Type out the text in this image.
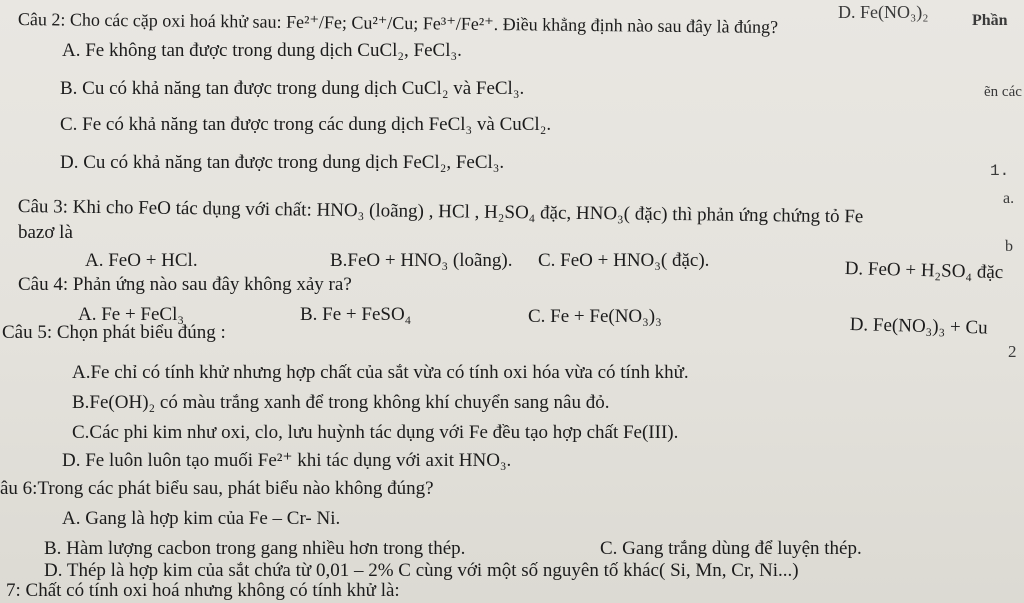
D. Fe(NO₃)₂	Phần
ẽn các
1.
a.
b
2
Câu 2: Cho các cặp oxi hoá khử sau: Fe²⁺/Fe; Cu²⁺/Cu; Fe³⁺/Fe²⁺. Điều khẳng định nào sau đây là đúng?
A. Fe không tan được trong dung dịch CuCl₂, FeCl₃.
B. Cu có khả năng tan được trong dung dịch CuCl₂ và FeCl₃.
C. Fe có khả năng tan được trong các dung dịch FeCl₃ và CuCl₂.
D. Cu có khả năng tan được trong dung dịch FeCl₂, FeCl₃.
Câu 3: Khi cho FeO tác dụng với chất: HNO₃ (loãng) , HCl , H₂SO₄ đặc, HNO₃( đặc) thì phản ứng chứng tỏ Fe
bazơ là
A. FeO + HCl.	B.FeO + HNO₃ (loãng). C. FeO + HNO₃( đặc).	D. FeO + H₂SO₄ đặc
Câu 4: Phản ứng nào sau đây không xảy ra?
A. Fe + FeCl₃	B. Fe + FeSO₄	C. Fe + Fe(NO₃)₃	D. Fe(NO₃)₃ + Cu
Câu 5: Chọn phát biểu đúng :
A.Fe chỉ có tính khử nhưng hợp chất của sắt vừa có tính oxi hóa vừa có tính khử.
B.Fe(OH)₂ có màu trắng xanh để trong không khí chuyển sang nâu đỏ.
C.Các phi kim như oxi, clo, lưu huỳnh tác dụng với Fe đều tạo hợp chất Fe(III).
D. Fe luôn luôn tạo muối Fe²⁺ khi tác dụng với axit HNO₃.
âu 6:Trong các phát biểu sau, phát biểu nào không đúng?
A. Gang là hợp kim của Fe – Cr- Ni.
B. Hàm lượng cacbon trong gang nhiều hơn trong thép.	C. Gang trắng dùng để luyện thép.
D. Thép là hợp kim của sắt chứa từ 0,01 – 2% C cùng với một số nguyên tố khác( Si, Mn, Cr, Ni...)
7: Chất có tính oxi hoá nhưng không có tính khử là:
